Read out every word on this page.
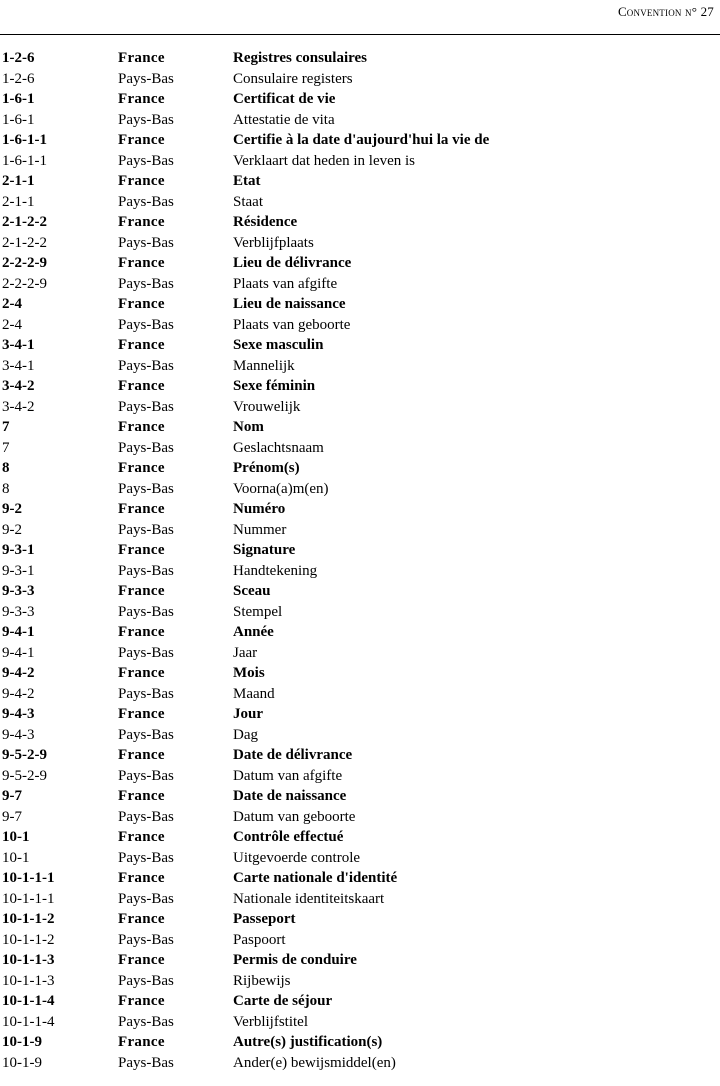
Convention n° 27
1-2-6	France	Registres consulaires
1-2-6	Pays-Bas	Consulaire registers
1-6-1	France	Certificat de vie
1-6-1	Pays-Bas	Attestatie de vita
1-6-1-1	France	Certifie à la date d'aujourd'hui la vie de
1-6-1-1	Pays-Bas	Verklaart dat heden in leven is
2-1-1	France	Etat
2-1-1	Pays-Bas	Staat
2-1-2-2	France	Résidence
2-1-2-2	Pays-Bas	Verblijfplaats
2-2-2-9	France	Lieu de délivrance
2-2-2-9	Pays-Bas	Plaats van afgifte
2-4	France	Lieu de naissance
2-4	Pays-Bas	Plaats van geboorte
3-4-1	France	Sexe masculin
3-4-1	Pays-Bas	Mannelijk
3-4-2	France	Sexe féminin
3-4-2	Pays-Bas	Vrouwelijk
7	France	Nom
7	Pays-Bas	Geslachtsnaam
8	France	Prénom(s)
8	Pays-Bas	Voorna(a)m(en)
9-2	France	Numéro
9-2	Pays-Bas	Nummer
9-3-1	France	Signature
9-3-1	Pays-Bas	Handtekening
9-3-3	France	Sceau
9-3-3	Pays-Bas	Stempel
9-4-1	France	Année
9-4-1	Pays-Bas	Jaar
9-4-2	France	Mois
9-4-2	Pays-Bas	Maand
9-4-3	France	Jour
9-4-3	Pays-Bas	Dag
9-5-2-9	France	Date de délivrance
9-5-2-9	Pays-Bas	Datum van afgifte
9-7	France	Date de naissance
9-7	Pays-Bas	Datum van geboorte
10-1	France	Contrôle effectué
10-1	Pays-Bas	Uitgevoerde controle
10-1-1-1	France	Carte nationale d'identité
10-1-1-1	Pays-Bas	Nationale identiteitskaart
10-1-1-2	France	Passeport
10-1-1-2	Pays-Bas	Paspoort
10-1-1-3	France	Permis de conduire
10-1-1-3	Pays-Bas	Rijbewijs
10-1-1-4	France	Carte de séjour
10-1-1-4	Pays-Bas	Verblijfstitel
10-1-9	France	Autre(s) justification(s)
10-1-9	Pays-Bas	Ander(e) bewijsmiddel(en)
